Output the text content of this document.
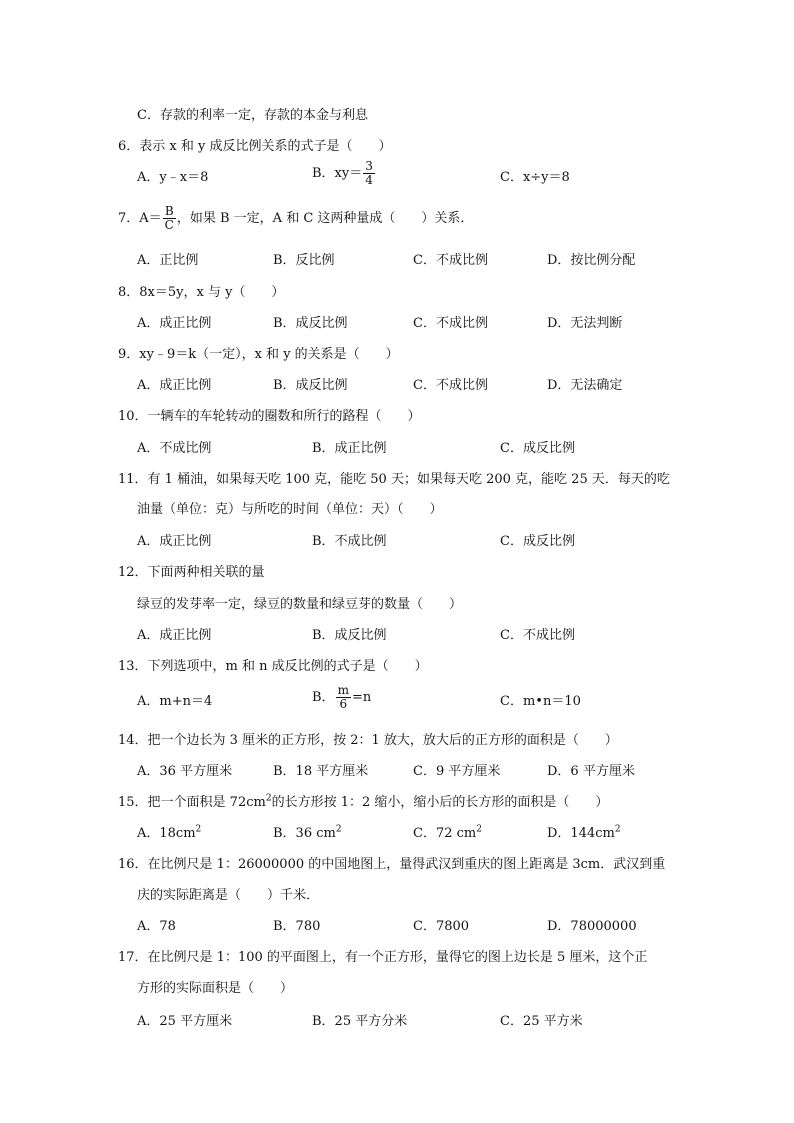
C．存款的利率一定，存款的本金与利息
6．表示 x 和 y 成反比例关系的式子是（　　）
A．y﹣x＝8	B．$xy= \frac{3}{4}$	C．x÷y＝8
7．$A= \frac{B}{C}$ ，如果 B 一定，A 和 C 这两种量成（　　）关系．
A．正比例	B．反比例	C．不成比例	D．按比例分配
8．8x＝5y，x 与 y（　　）
A．成正比例	B．成反比例	C．不成比例	D．无法判断
9．xy﹣9＝k（一定），x 和 y 的关系是（　　）
A．成正比例	B．成反比例	C．不成比例	D．无法确定
10．一辆车的车轮转动的圈数和所行的路程（　　）
A．不成比例	B．成正比例	C．成反比例
11．有 1 桶油，如果每天吃 100 克，能吃 50 天；如果每天吃 200 克，能吃 25 天．每天的吃
油量（单位：克）与所吃的时间（单位：天）（　　）
A．成正比例	B．不成比例	C．成反比例
12．下面两种相关联的量
绿豆的发芽率一定，绿豆的数量和绿豆芽的数量（　　）
A．成正比例	B．成反比例	C．不成比例
13．下列选项中，m 和 n 成反比例的式子是（　　）
A．m+n＝4	B． $\frac{m}{6} =n$	C．m•n＝10
14．把一个边长为 3 厘米的正方形，按 2：1 放大，放大后的正方形的面积是（　　）
A．36 平方厘米	B．18 平方厘米	C．9 平方厘米	D．6 平方厘米
15．把一个面积是 $72cm^2$的长方形按 1：2 缩小，缩小后的长方形的面积是（　　）
A．$18cm^2$	B．36 $cm^2$	C．72 $cm^2$	D．$144cm^2$
16．在比例尺是 1：26000000 的中国地图上，量得武汉到重庆的图上距离是 3cm．武汉到重
庆的实际距离是（　　）千米．
A．78	B．780	C．7800	D．78000000
17．在比例尺是 1：100 的平面图上，有一个正方形，量得它的图上边长是 5 厘米，这个正
方形的实际面积是（　　）
A．25 平方厘米	B．25 平方分米	C．25 平方米
